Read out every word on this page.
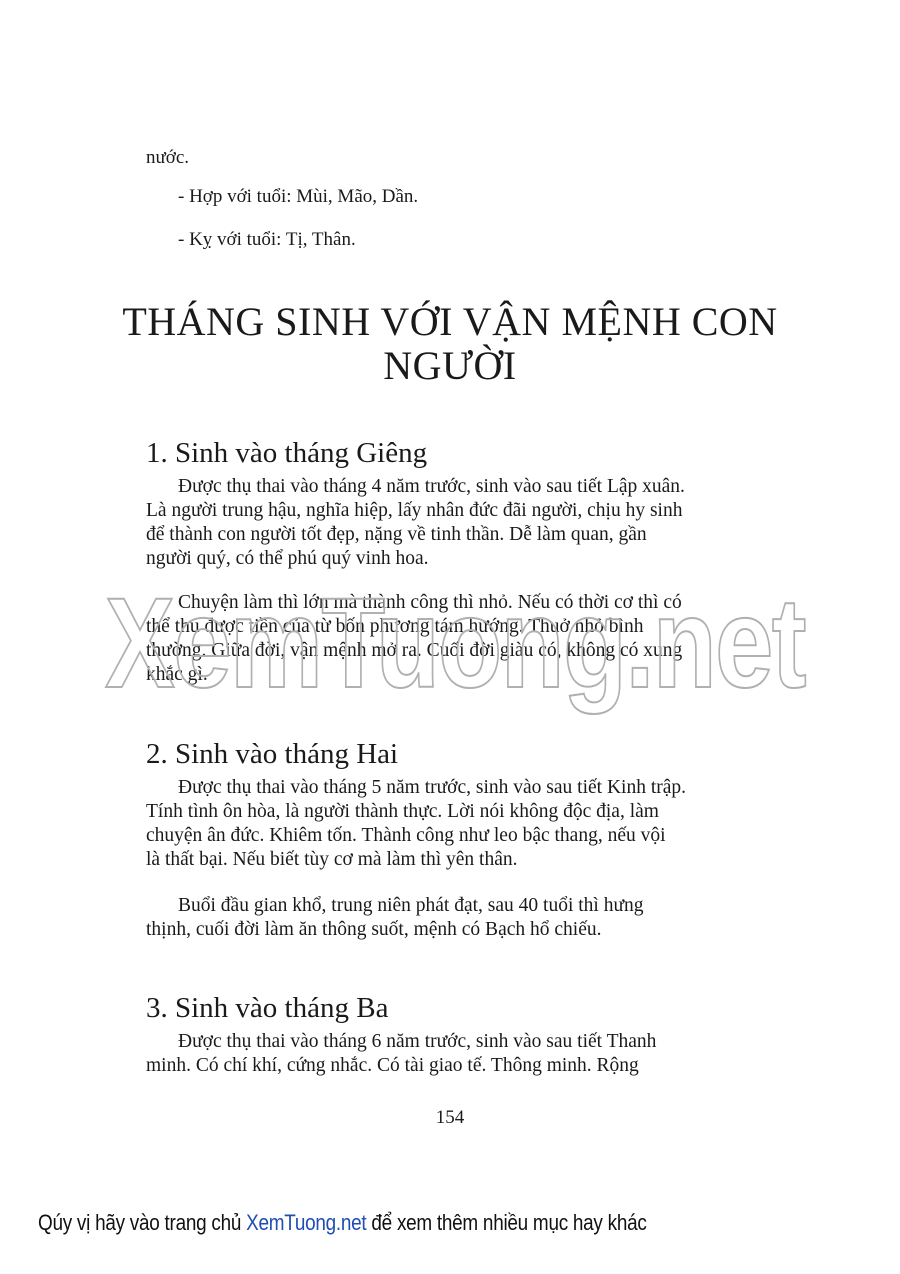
nước.
- Hợp với tuổi: Mùi, Mão, Dần.
- Kỵ với tuổi: Tị, Thân.
THÁNG SINH VỚI VẬN MỆNH CON
NGƯỜI
1. Sinh vào tháng Giêng
Được thụ thai vào tháng 4 năm trước, sinh vào sau tiết Lập xuân.
Là người trung hậu, nghĩa hiệp, lấy nhân đức đãi người, chịu hy sinh
để thành con người tốt đẹp, nặng về tinh thần. Dễ làm quan, gần
người quý, có thể phú quý vinh hoa.
Chuyện làm thì lớn mà thành công thì nhỏ. Nếu có thời cơ thì có
thể thu được tiền của từ bốn phương tám hướng. Thuở nhỏ bình
thường. Giữa đời, vận mệnh mở ra. Cuối đời giàu có, không có xung
khắc gì.
2. Sinh vào tháng Hai
Được thụ thai vào tháng 5 năm trước, sinh vào sau tiết Kinh trập.
Tính tình ôn hòa, là người thành thực. Lời nói không độc địa, làm
chuyện ân đức. Khiêm tốn. Thành công như leo bậc thang, nếu vội
là thất bại. Nếu biết tùy cơ mà làm thì yên thân.
Buổi đầu gian khổ, trung niên phát đạt, sau 40 tuổi thì hưng
thịnh, cuối đời làm ăn thông suốt, mệnh có Bạch hổ chiếu.
3. Sinh vào tháng Ba
Được thụ thai vào tháng 6 năm trước, sinh vào sau tiết Thanh
minh. Có chí khí, cứng nhắc. Có tài giao tế. Thông minh. Rộng
154
XemTuong.net
Qúy vị hãy vào trang chủ XemTuong.net để xem thêm nhiều mục hay khác
